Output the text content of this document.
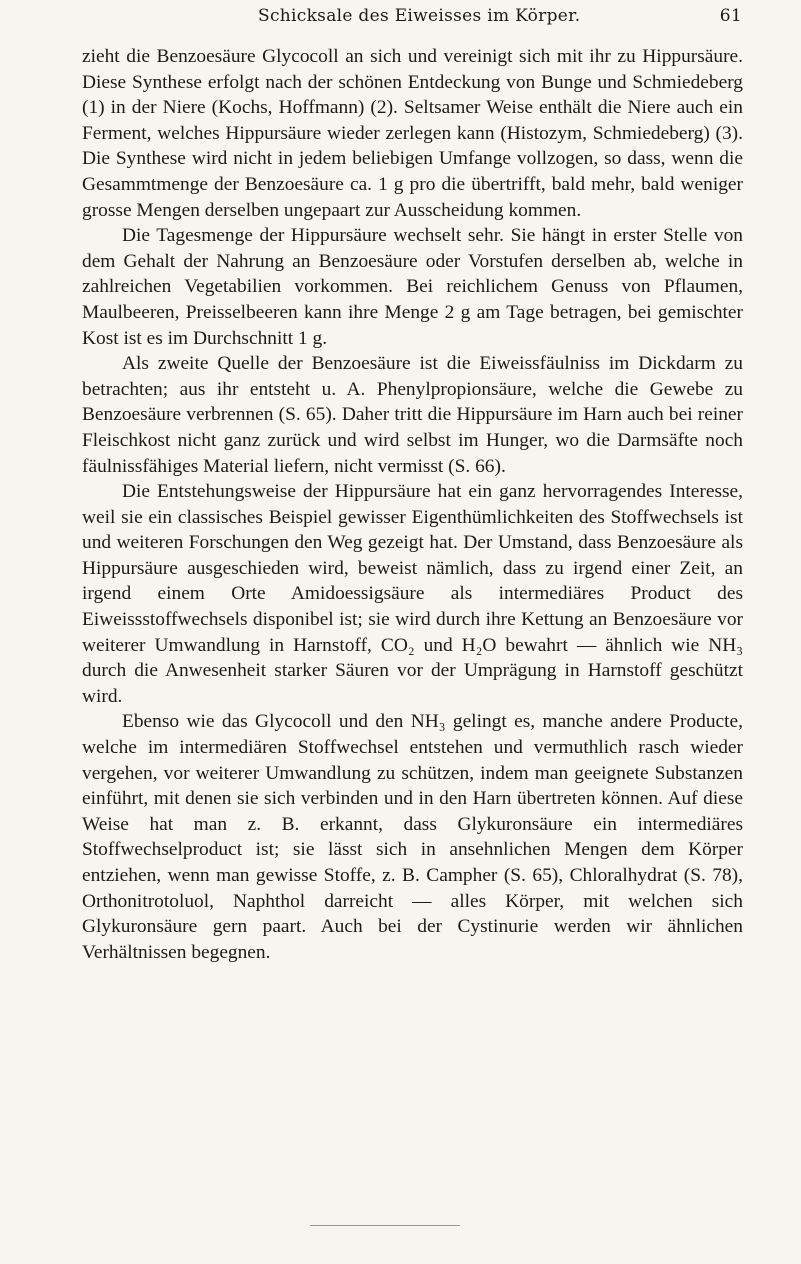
Schicksale des Eiweisses im Körper.	61

zieht die Benzoesäure Glycocoll an sich und vereinigt sich mit ihr zu Hippursäure. Diese Synthese erfolgt nach der schönen Entdeckung von Bunge und Schmiedeberg (1) in der Niere (Kochs, Hoffmann) (2). Seltsamer Weise enthält die Niere auch ein Ferment, welches Hippursäure wieder zerlegen kann (Histozym, Schmiedeberg) (3). Die Synthese wird nicht in jedem beliebigen Umfange vollzogen, so dass, wenn die Gesammtmenge der Benzoesäure ca. 1 g pro die übertrifft, bald mehr, bald weniger grosse Mengen derselben ungepaart zur Ausscheidung kommen.

Die Tagesmenge der Hippursäure wechselt sehr. Sie hängt in erster Stelle von dem Gehalt der Nahrung an Benzoesäure oder Vorstufen derselben ab, welche in zahlreichen Vegetabilien vorkommen. Bei reichlichem Genuss von Pflaumen, Maulbeeren, Preisselbeeren kann ihre Menge 2 g am Tage betragen, bei gemischter Kost ist es im Durchschnitt 1 g.

Als zweite Quelle der Benzoesäure ist die Eiweissfäulniss im Dickdarm zu betrachten; aus ihr entsteht u. A. Phenylpropionsäure, welche die Gewebe zu Benzoesäure verbrennen (S. 65). Daher tritt die Hippursäure im Harn auch bei reiner Fleischkost nicht ganz zurück und wird selbst im Hunger, wo die Darmsäfte noch fäulnissfähiges Material liefern, nicht vermisst (S. 66).

Die Entstehungsweise der Hippursäure hat ein ganz hervorragendes Interesse, weil sie ein classisches Beispiel gewisser Eigenthümlichkeiten des Stoffwechsels ist und weiteren Forschungen den Weg gezeigt hat. Der Umstand, dass Benzoesäure als Hippursäure ausgeschieden wird, beweist nämlich, dass zu irgend einer Zeit, an irgend einem Orte Amidoessigsäure als intermediäres Product des Eiweissstoffwechsels disponibel ist; sie wird durch ihre Kettung an Benzoesäure vor weiterer Umwandlung in Harnstoff, CO₂ und H₂O bewahrt — ähnlich wie NH₃ durch die Anwesenheit starker Säuren vor der Umprägung in Harnstoff geschützt wird.

Ebenso wie das Glycocoll und den NH₃ gelingt es, manche andere Producte, welche im intermediären Stoffwechsel entstehen und vermuthlich rasch wieder vergehen, vor weiterer Umwandlung zu schützen, indem man geeignete Substanzen einführt, mit denen sie sich verbinden und in den Harn übertreten können. Auf diese Weise hat man z. B. erkannt, dass Glykuronsäure ein intermediäres Stoffwechselproduct ist; sie lässt sich in ansehnlichen Mengen dem Körper entziehen, wenn man gewisse Stoffe, z. B. Campher (S. 65), Chloralhydrat (S. 78), Orthonitrotoluol, Naphthol darreicht — alles Körper, mit welchen sich Glykuronsäure gern paart. Auch bei der Cystinurie werden wir ähnlichen Verhältnissen begegnen.
